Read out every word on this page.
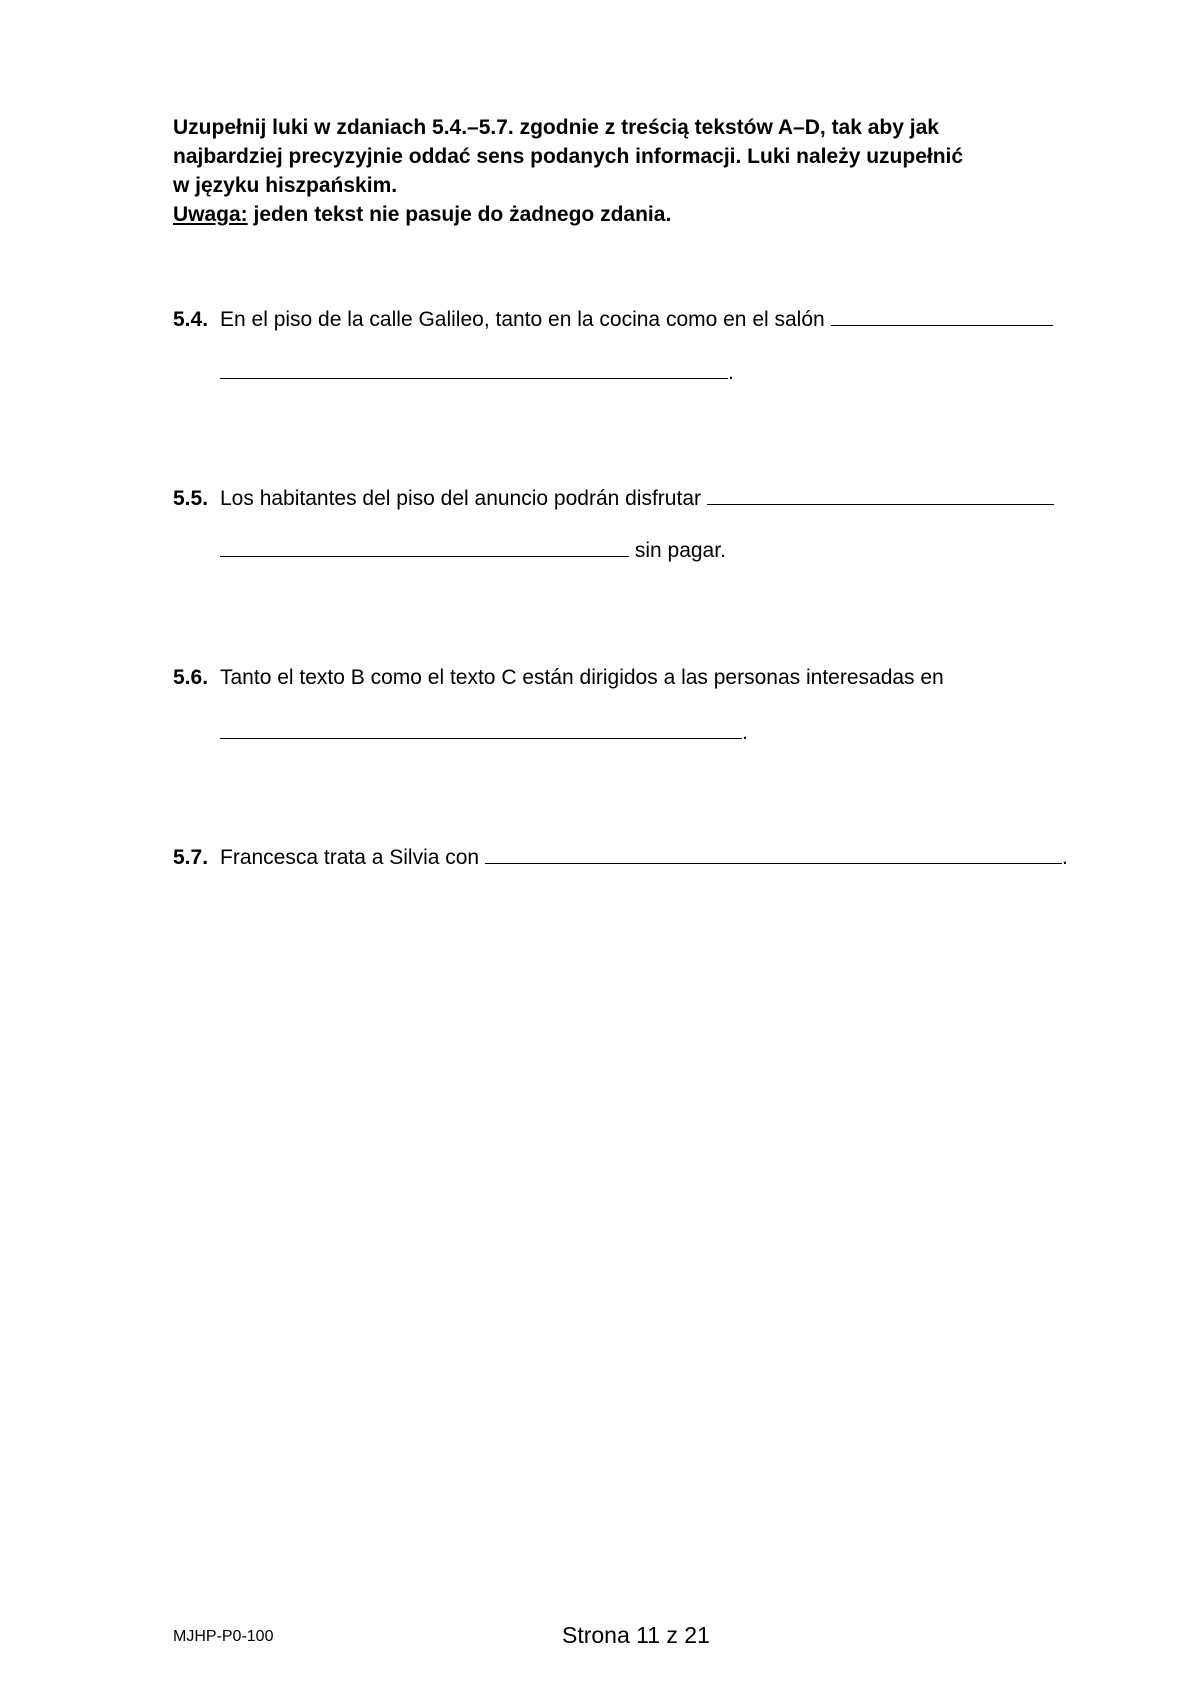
Uzupełnij luki w zdaniach 5.4.–5.7. zgodnie z treścią tekstów A–D, tak aby jak
najbardziej precyzyjnie oddać sens podanych informacji. Luki należy uzupełnić
w języku hiszpańskim.
Uwaga: jeden tekst nie pasuje do żadnego zdania.
5.4. En el piso de la calle Galileo, tanto en la cocina como en el salón
.
5.5. Los habitantes del piso del anuncio podrán disfrutar
sin pagar.
5.6. Tanto el texto B como el texto C están dirigidos a las personas interesadas en
.
5.7. Francesca trata a Silvia con	.
MJHP-P0-100	Strona 11 z 21
